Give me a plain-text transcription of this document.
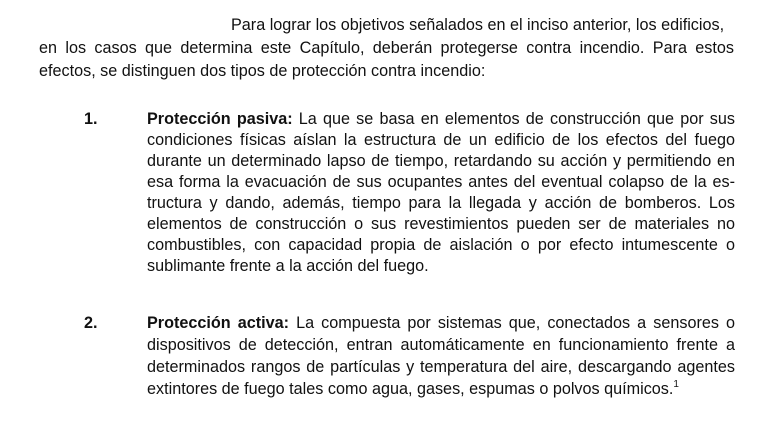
Para lograr los objetivos señalados en el inciso anterior, los edificios,
en los casos que determina este Capítulo, deberán protegerse contra incendio. Para estos
efectos, se distinguen dos tipos de protección contra incendio:
1.	Protección pasiva: La que se basa en elementos de construcción que por sus
condiciones físicas aíslan la estructura de un edificio de los efectos del fuego
durante un determinado lapso de tiempo, retardando su acción y permitiendo en
esa forma la evacuación de sus ocupantes antes del eventual colapso de la es-
tructura y dando, además, tiempo para la llegada y acción de bomberos. Los
elementos de construcción o sus revestimientos pueden ser de materiales no
combustibles, con capacidad propia de aislación o por efecto intumescente o
sublimante frente a la acción del fuego.
2.	Protección activa: La compuesta por sistemas que, conectados a sensores o
dispositivos de detección, entran automáticamente en funcionamiento frente a
determinados rangos de partículas y temperatura del aire, descargando agentes
extintores de fuego tales como agua, gases, espumas o polvos químicos.$^1$
